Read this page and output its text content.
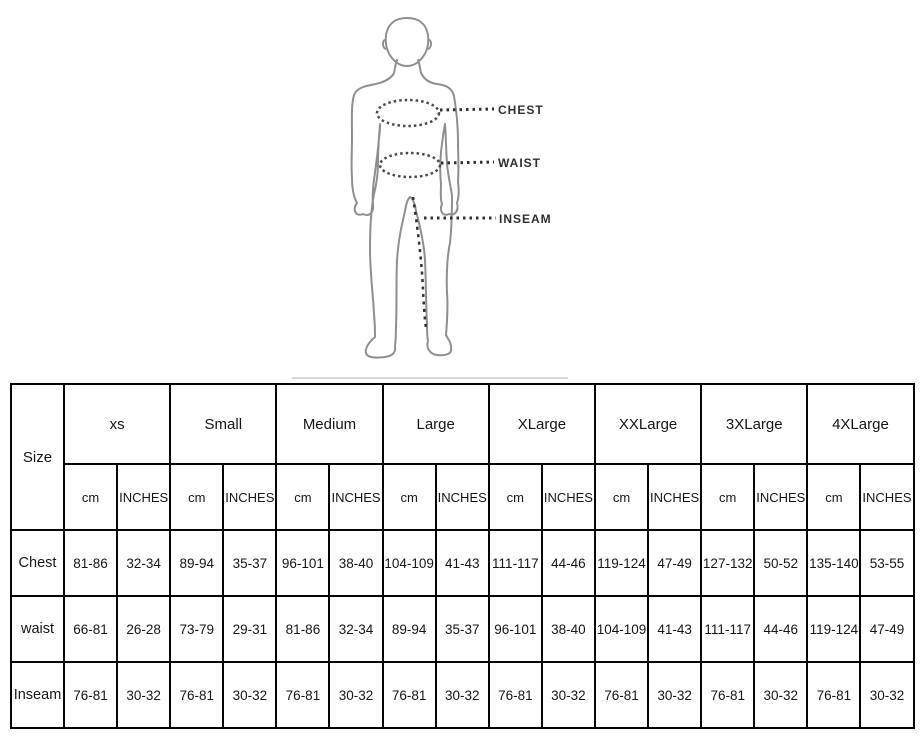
CHEST
WAIST
INSEAM
Size	xs		Small		Medium		Large		XLarge		XXLarge		3XLarge		4XLarge	
	cm	INCHES	cm	INCHES	cm	INCHES	cm	INCHES	cm	INCHES	cm	INCHES	cm	INCHES	cm	INCHES
Chest	81-86	32-34	89-94	35-37	96-101	38-40	104-109	41-43	111-117	44-46	119-124	47-49	127-132	50-52	135-140	53-55
waist	66-81	26-28	73-79	29-31	81-86	32-34	89-94	35-37	96-101	38-40	104-109	41-43	111-117	44-46	119-124	47-49
Inseam	76-81	30-32	76-81	30-32	76-81	30-32	76-81	30-32	76-81	30-32	76-81	30-32	76-81	30-32	76-81	30-32
